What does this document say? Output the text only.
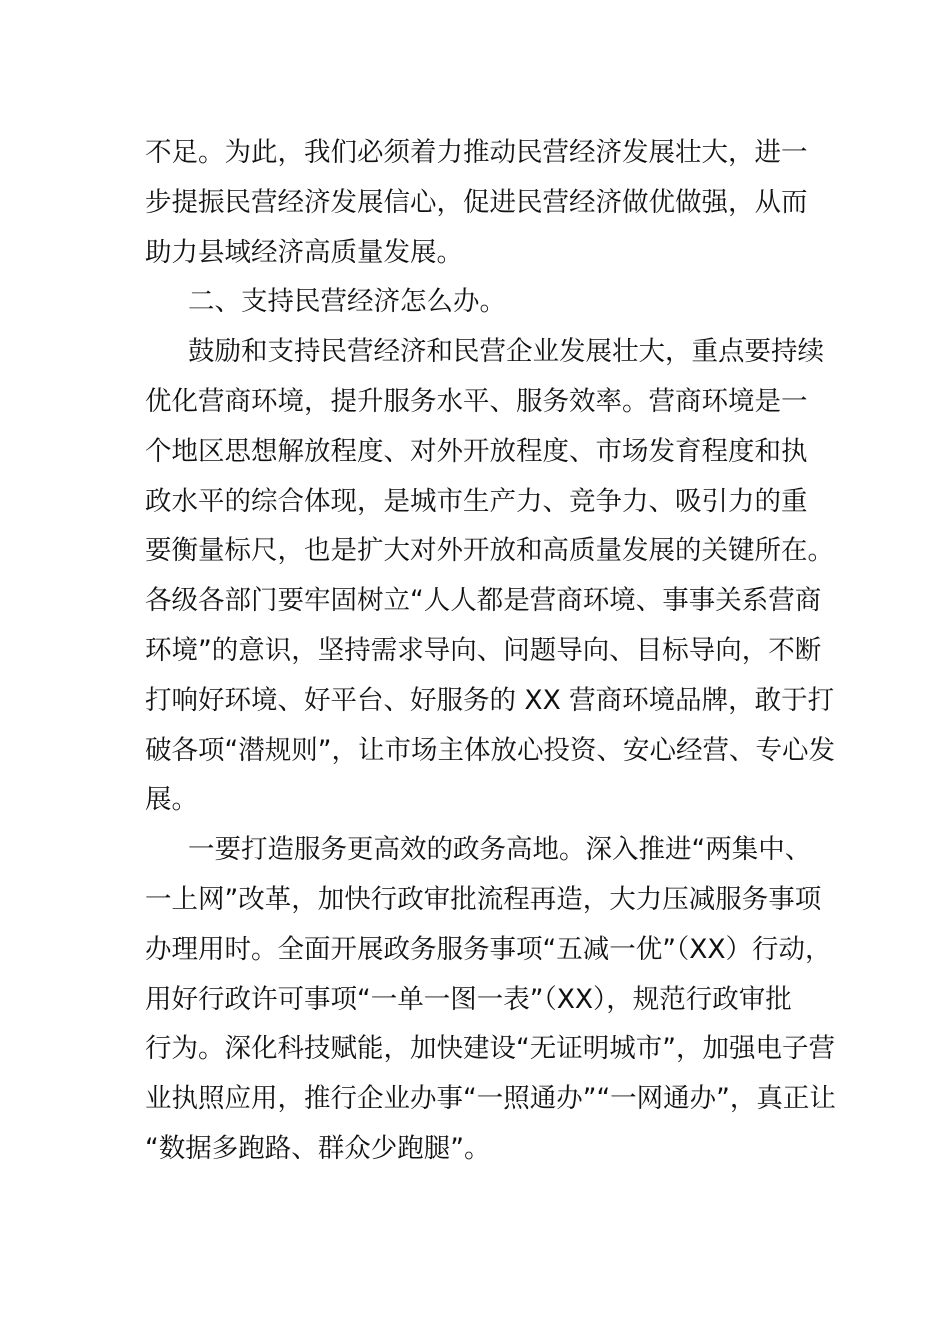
不足。为此，我们必须着力推动民营经济发展壮大，进一
步提振民营经济发展信心，促进民营经济做优做强，从而
助力县域经济高质量发展。
二、支持民营经济怎么办。
鼓励和支持民营经济和民营企业发展壮大，重点要持续
优化营商环境，提升服务水平、服务效率。营商环境是一
个地区思想解放程度、对外开放程度、市场发育程度和执
政水平的综合体现，是城市生产力、竞争力、吸引力的重
要衡量标尺，也是扩大对外开放和高质量发展的关键所在。
各级各部门要牢固树立“人人都是营商环境、事事关系营商
环境”的意识，坚持需求导向、问题导向、目标导向，不断
打响好环境、好平台、好服务的 XX 营商环境品牌，敢于打
破各项“潜规则”，让市场主体放心投资、安心经营、专心发
展。
一要打造服务更高效的政务高地。深入推进“两集中、
一上网”改革，加快行政审批流程再造，大力压减服务事项
办理用时。全面开展政务服务事项“五减一优”（XX）行动，
用好行政许可事项“一单一图一表”（XX），规范行政审批
行为。深化科技赋能，加快建设“无证明城市”，加强电子营
业执照应用，推行企业办事“一照通办”“一网通办”，真正让
“数据多跑路、群众少跑腿”。
